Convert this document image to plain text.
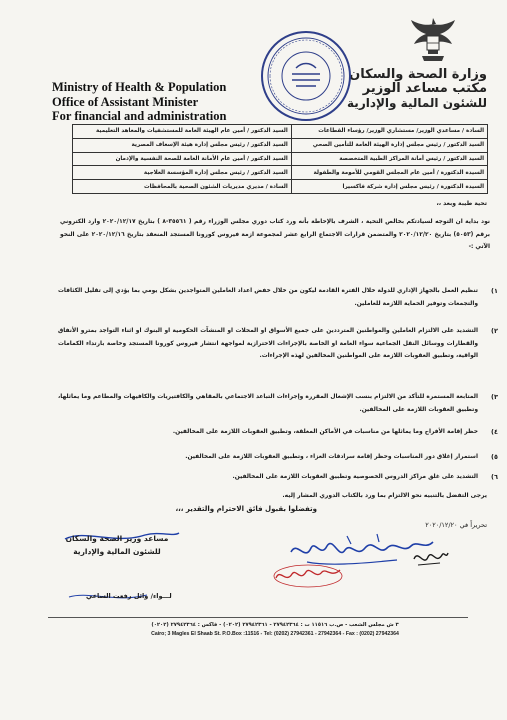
وزارة الصحة والسكان
مكتب مساعد الوزير
للشئون المالية والإدارية
Ministry of Health & Population
Office of Assistant Minister
For financial and administration
السادة / مساعدي الوزير/ مستشاري الوزير/ رؤساء القطاعات	السيد الدكتور / أمين عام الهيئة العامة للمستشفيات والمعاهد التعليمية
السيد الدكتور / رئيس مجلس إدارة الهيئة العامة للتأمين الصحي	السيد الدكتور / رئيس مجلس إدارة هيئة الإسعاف المصرية
السيد الدكتور / رئيس أمانة المراكز الطبية المتخصصة	السيد الدكتور / أمين عام الأمانة العامة للصحة النفسية والإدمان
السيدة الدكتورة / أمين عام المجلس القومي للأمومة والطفولة	السيد الدكتور / رئيس مجلس إدارة المؤسسة العلاجية
السيدة الدكتورة / رئيس مجلس إدارة شركة فاكسيرا	السادة / مديري مديريات الشئون الصحية بالمحافظات
تحية طيبة وبعد ،،
نود بداية ان التوجه لسيادتكم بخالص التحية ، الشرف بالإحاطة بأنه ورد كتاب دوري مجلس الوزراء رقم ( ٣٥٥٦١-٨ ) بتاريخ ٢٠٢٠/١٢/١٧ وارد الكتروني برقم (٥٠٥٣) بتاريخ ٢٠٢٠/١٢/٢٠ والمتضمن قرارات الاجتماع الرابع عشر لمجموعة ازمة فيروس كورونا المستجد المنعقد بتاريخ ٢٠٢٠/١٢/١٦ على النحو الآتي :-
١)
تنظيم العمل بالجهاز الإداري للدولة خلال الفترة القادمة ليكون من خلال خفض اعداد العاملين المتواجدين بشكل يومي بما يؤدي إلى تقليل الكثافات والتجمعات وتوفير الحماية اللازمة للعاملين.
٢)
التشديد على الالتزام العاملين والمواطنين المترددين على جميع الأسواق او المحلات او المنشآت الحكومية او البنوك او اثناء التواجد بمترو الأنفاق والقطارات ووسائل النقل الجماعية سواء العامة او الخاصة بالإجراءات الاحترازية لمواجهة انتشار فيروس كورونا المستجد وخاصة بارتداء الكمامات الواقية، وتطبيق العقوبات اللازمة على المواطنين المخالفين لهذه الإجراءات.
٣)
المتابعة المستمرة للتأكد من الالتزام بنسب الإشغال المقررة وإجراءات التباعد الاجتماعي بالمقاهي والكافتيريات والكافيهات والمطاعم وما يماثلها، وتطبيق العقوبات اللازمة على المخالفين.
٤)
حظر إقامة الأفراح وما يماثلها من مناسبات في الأماكن المغلقة، وتطبيق العقوبات اللازمة على المخالفين.
٥)
استمرار إغلاق دور المناسبات وحظر إقامة سرادقات العزاء ، وتطبيق العقوبات اللازمة على المخالفين.
٦)
التشديد على غلق مراكز الدروس الخصوصية وتطبيق العقوبات اللازمة على المخالفين.
يرجى التفضل بالتنبيه نحو الالتزام بما ورد بالكتاب الدوري المشار إليه.
وتفضلوا بقبول فائق الاحترام والتقدير ،،،
تحريراً في ٢٠٢٠/١٢/٢٠
مساعد وزير الصحة والسكان
للشئون المالية والإدارية
لـــواء/ وائل رفعت الساعي
٣ ش مجلس الشعب - ص.ب ١١٥١٦ ت : ٢٧٩٤٢٣٦٤ - ٢٧٩٤٢٣٦١ (٠٢٠٢) - فاكس : ٢٧٩٤٢٣٦٤ (٠٢٠٢)
Cairo; 3 Magles El Shaab St. P.O.Box :11516 - Tel: (0202) 27942361 - 27942364 - Fax : (0202) 27942364
